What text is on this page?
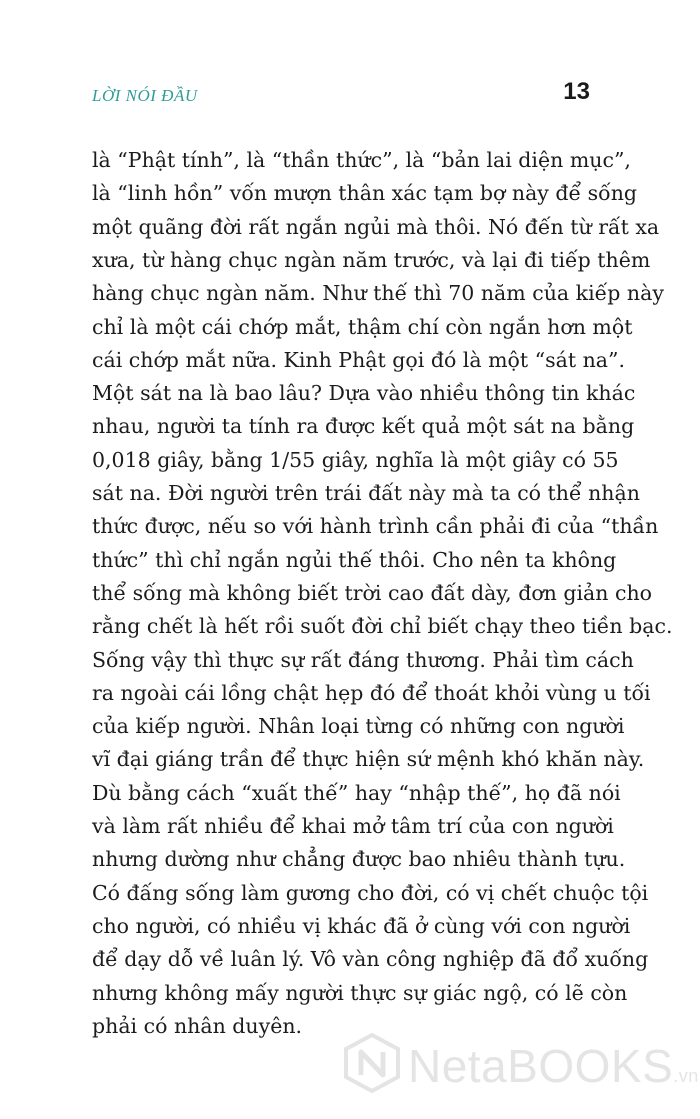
LỜI NÓI ĐẦU	13
là “Phật tính”, là “thần thức”, là “bản lai diện mục”,
là “linh hồn” vốn mượn thân xác tạm bợ này để sống
một quãng đời rất ngắn ngủi mà thôi. Nó đến từ rất xa
xưa, từ hàng chục ngàn năm trước, và lại đi tiếp thêm
hàng chục ngàn năm. Như thế thì 70 năm của kiếp này
chỉ là một cái chớp mắt, thậm chí còn ngắn hơn một
cái chớp mắt nữa. Kinh Phật gọi đó là một “sát na”.
Một sát na là bao lâu? Dựa vào nhiều thông tin khác
nhau, người ta tính ra được kết quả một sát na bằng
0,018 giây, bằng 1/55 giây, nghĩa là một giây có 55
sát na. Đời người trên trái đất này mà ta có thể nhận
thức được, nếu so với hành trình cần phải đi của “thần
thức” thì chỉ ngắn ngủi thế thôi. Cho nên ta không
thể sống mà không biết trời cao đất dày, đơn giản cho
rằng chết là hết rồi suốt đời chỉ biết chạy theo tiền bạc.
Sống vậy thì thực sự rất đáng thương. Phải tìm cách
ra ngoài cái lồng chật hẹp đó để thoát khỏi vùng u tối
của kiếp người. Nhân loại từng có những con người
vĩ đại giáng trần để thực hiện sứ mệnh khó khăn này.
Dù bằng cách “xuất thế” hay “nhập thế”, họ đã nói
và làm rất nhiều để khai mở tâm trí của con người
nhưng dường như chẳng được bao nhiêu thành tựu.
Có đấng sống làm gương cho đời, có vị chết chuộc tội
cho người, có nhiều vị khác đã ở cùng với con người
để dạy dỗ về luân lý. Vô vàn công nghiệp đã đổ xuống
nhưng không mấy người thực sự giác ngộ, có lẽ còn
phải có nhân duyên.
NetaBOOKS.vn
